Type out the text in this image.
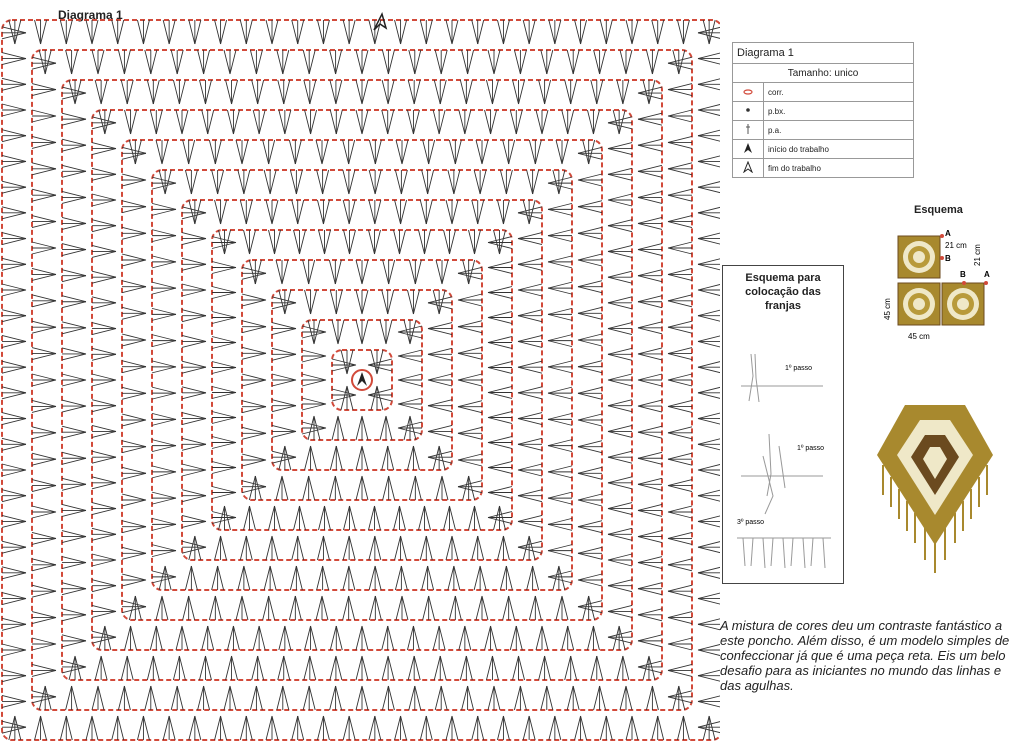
Diagrama 1
Diagrama 1	
Tamanho: unico	
	corr.
	p.bx.
	p.a.
	início do trabalho
	fim do trabalho
Esquema
A
21 cm
B
B
21 cm
A
45 cm
45 cm
Esquema para
colocação das
franjas
1º passo
1º passo
3º passo
A mistura de cores deu um contraste fantástico a este poncho. Além disso, é um modelo simples de confeccionar já que é uma peça reta. Eis um belo desafio para as iniciantes no mundo das linhas e das agulhas.
